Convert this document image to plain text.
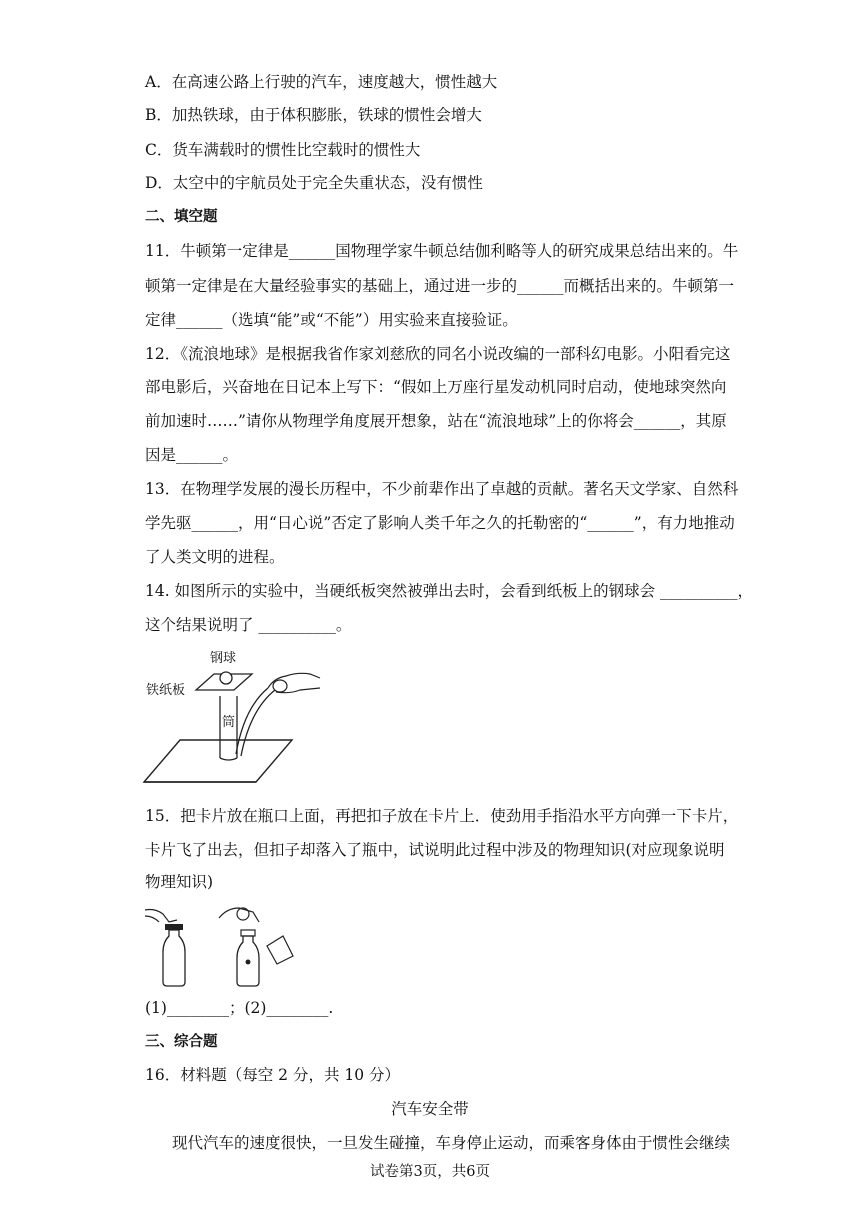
A．在高速公路上行驶的汽车，速度越大，惯性越大
B．加热铁球，由于体积膨胀，铁球的惯性会增大
C．货车满载时的惯性比空载时的惯性大
D．太空中的宇航员处于完全失重状态，没有惯性
二、填空题
11．牛顿第一定律是______国物理学家牛顿总结伽利略等人的研究成果总结出来的。牛
顿第一定律是在大量经验事实的基础上，通过进一步的______而概括出来的。牛顿第一
定律______（选填“能”或“不能”）用实验来直接验证。
12．《流浪地球》是根据我省作家刘慈欣的同名小说改编的一部科幻电影。小阳看完这
部电影后，兴奋地在日记本上写下：“假如上万座行星发动机同时启动，使地球突然向
前加速时……”请你从物理学角度展开想象，站在“流浪地球”上的你将会______，其原
因是______。
13．在物理学发展的漫长历程中，不少前辈作出了卓越的贡献。著名天文学家、自然科
学先驱______，用“日心说”否定了影响人类千年之久的托勒密的“______”，有力地推动
了人类文明的进程。
14. 如图所示的实验中，当硬纸板突然被弹出去时，会看到纸板上的钢球会 __________，
这个结果说明了 __________。
钢球
铁纸板
筒
15．把卡片放在瓶口上面，再把扣子放在卡片上．使劲用手指沿水平方向弹一下卡片，
卡片飞了出去，但扣子却落入了瓶中，试说明此过程中涉及的物理知识(对应现象说明
物理知识)
(1)________；(2)________.
三、综合题
16．材料题（每空 2 分，共 10 分）
汽车安全带
现代汽车的速度很快，一旦发生碰撞，车身停止运动，而乘客身体由于惯性会继续
试卷第3页，共6页
